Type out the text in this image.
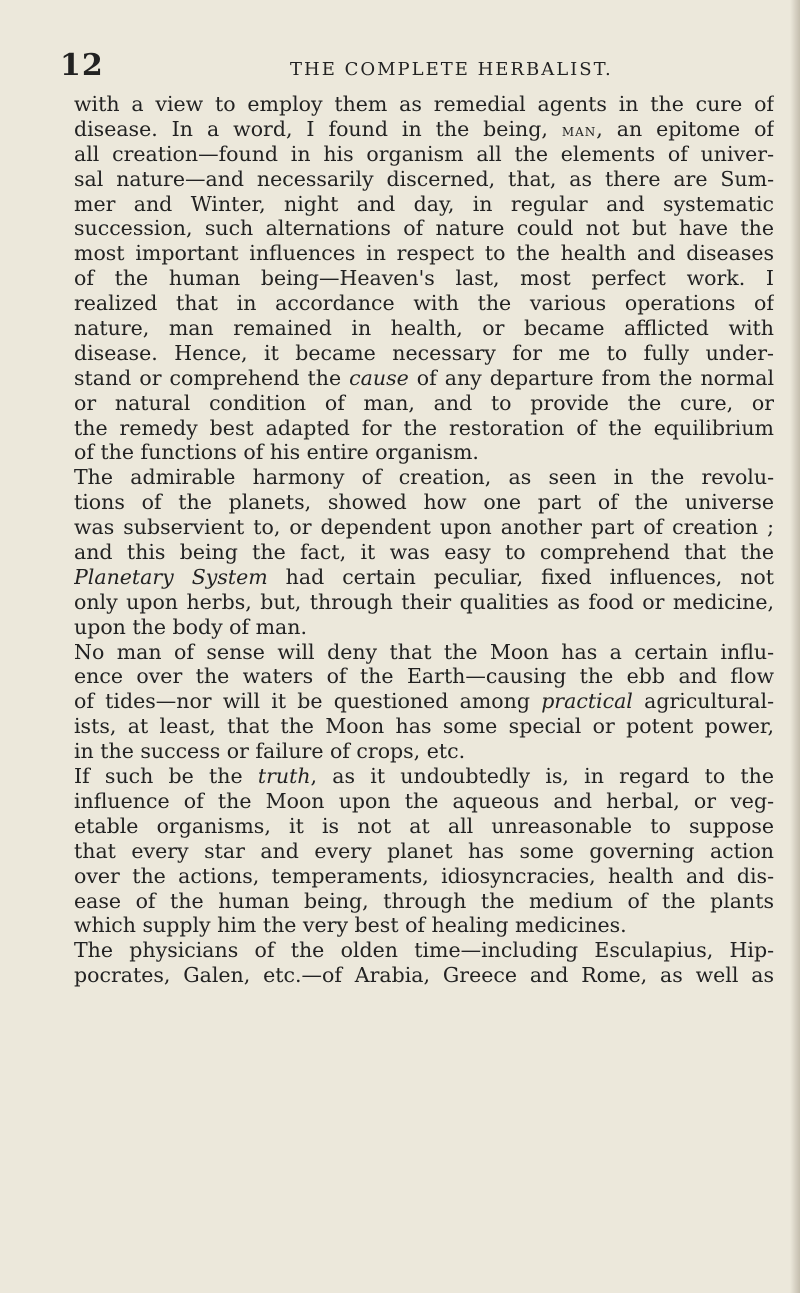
12	THE COMPLETE HERBALIST.
with a view to employ them as remedial agents in the cure of
disease. In a word, I found in the being, man, an epitome of
all creation—found in his organism all the elements of univer-
sal nature—and necessarily discerned, that, as there are Sum-
mer and Winter, night and day, in regular and systematic
succession, such alternations of nature could not but have the
most important influences in respect to the health and diseases
of the human being—Heaven's last, most perfect work. I
realized that in accordance with the various operations of
nature, man remained in health, or became afflicted with
disease. Hence, it became necessary for me to fully under-
stand or comprehend the cause of any departure from the normal
or natural condition of man, and to provide the cure, or
the remedy best adapted for the restoration of the equilibrium
of the functions of his entire organism.
The admirable harmony of creation, as seen in the revolu-
tions of the planets, showed how one part of the universe
was subservient to, or dependent upon another part of creation ;
and this being the fact, it was easy to comprehend that the
Planetary System had certain peculiar, fixed influences, not
only upon herbs, but, through their qualities as food or medicine,
upon the body of man.
No man of sense will deny that the Moon has a certain influ-
ence over the waters of the Earth—causing the ebb and flow
of tides—nor will it be questioned among practical agricultural-
ists, at least, that the Moon has some special or potent power,
in the success or failure of crops, etc.
If such be the truth, as it undoubtedly is, in regard to the
influence of the Moon upon the aqueous and herbal, or veg-
etable organisms, it is not at all unreasonable to suppose
that every star and every planet has some governing action
over the actions, temperaments, idiosyncracies, health and dis-
ease of the human being, through the medium of the plants
which supply him the very best of healing medicines.
The physicians of the olden time—including Esculapius, Hip-
pocrates, Galen, etc.—of Arabia, Greece and Rome, as well as
